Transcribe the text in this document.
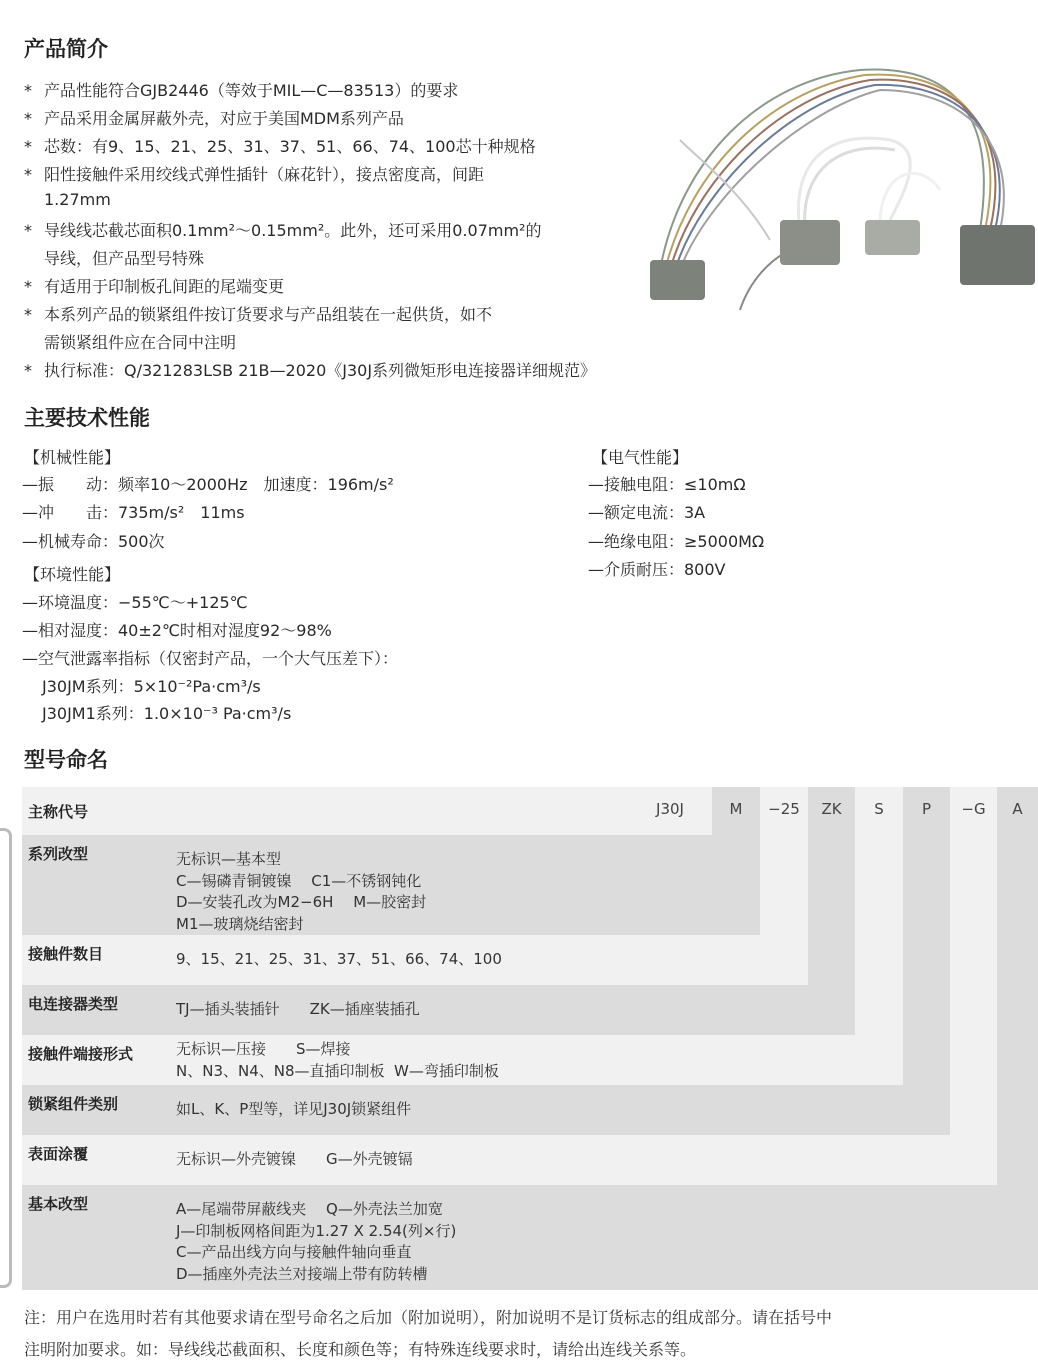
产品简介
* 产品性能符合GJB2446（等效于MIL—C—83513）的要求
* 产品采用金属屏蔽外壳，对应于美国MDM系列产品
* 芯数：有9、15、21、25、31、37、51、66、74、100芯十种规格
* 阳性接触件采用绞线式弹性插针（麻花针），接点密度高，间距
1.27mm
* 导线线芯截芯面积0.1mm²～0.15mm²。此外，还可采用0.07mm²的
导线，但产品型号特殊
* 有适用于印制板孔间距的尾端变更
* 本系列产品的锁紧组件按订货要求与产品组装在一起供货，如不
需锁紧组件应在合同中注明
* 执行标准：Q/321283LSB 21B—2020《J30J系列微矩形电连接器详细规范》
主要技术性能
【机械性能】
—振　　动：频率10～2000Hz　加速度：196m/s²
—冲　　击：735m/s²　11ms
—机械寿命：500次
【环境性能】
—环境温度：−55℃～+125℃
—相对湿度：40±2℃时相对湿度92～98%
—空气泄露率指标（仅密封产品，一个大气压差下）：
J30JM系列：5×10⁻²Pa·cm³/s
J30JM1系列：1.0×10⁻³ Pa·cm³/s
【电气性能】
—接触电阻：≤10mΩ
—额定电流：3A
—绝缘电阻：≥5000MΩ
—介质耐压：800V
型号命名
主称代号	J30J	M	−25	ZK	S	P	−G	A
系列改型	无标识—基本型
C—锡磷青铜镀镍　 C1—不锈钢钝化
D—安装孔改为M2−6H　 M—胶密封
M1—玻璃烧结密封
接触件数目	9、15、21、25、31、37、51、66、74、100
电连接器类型	TJ—插头装插针　　ZK—插座装插孔
接触件端接形式	无标识—压接　　S—焊接
N、N3、N4、N8—直插印制板  W—弯插印制板
锁紧组件类别	如L、K、P型等，详见J30J锁紧组件
表面涂覆	无标识—外壳镀镍　　G—外壳镀镉
基本改型	A—尾端带屏蔽线夹　 Q—外壳法兰加宽
J—印制板网格间距为1.27 X 2.54(列×行)
C—产品出线方向与接触件轴向垂直
D—插座外壳法兰对接端上带有防转槽
注：用户在选用时若有其他要求请在型号命名之后加（附加说明），附加说明不是订货标志的组成部分。请在括号中
注明附加要求。如：导线线芯截面积、长度和颜色等；有特殊连线要求时，请给出连线关系等。
